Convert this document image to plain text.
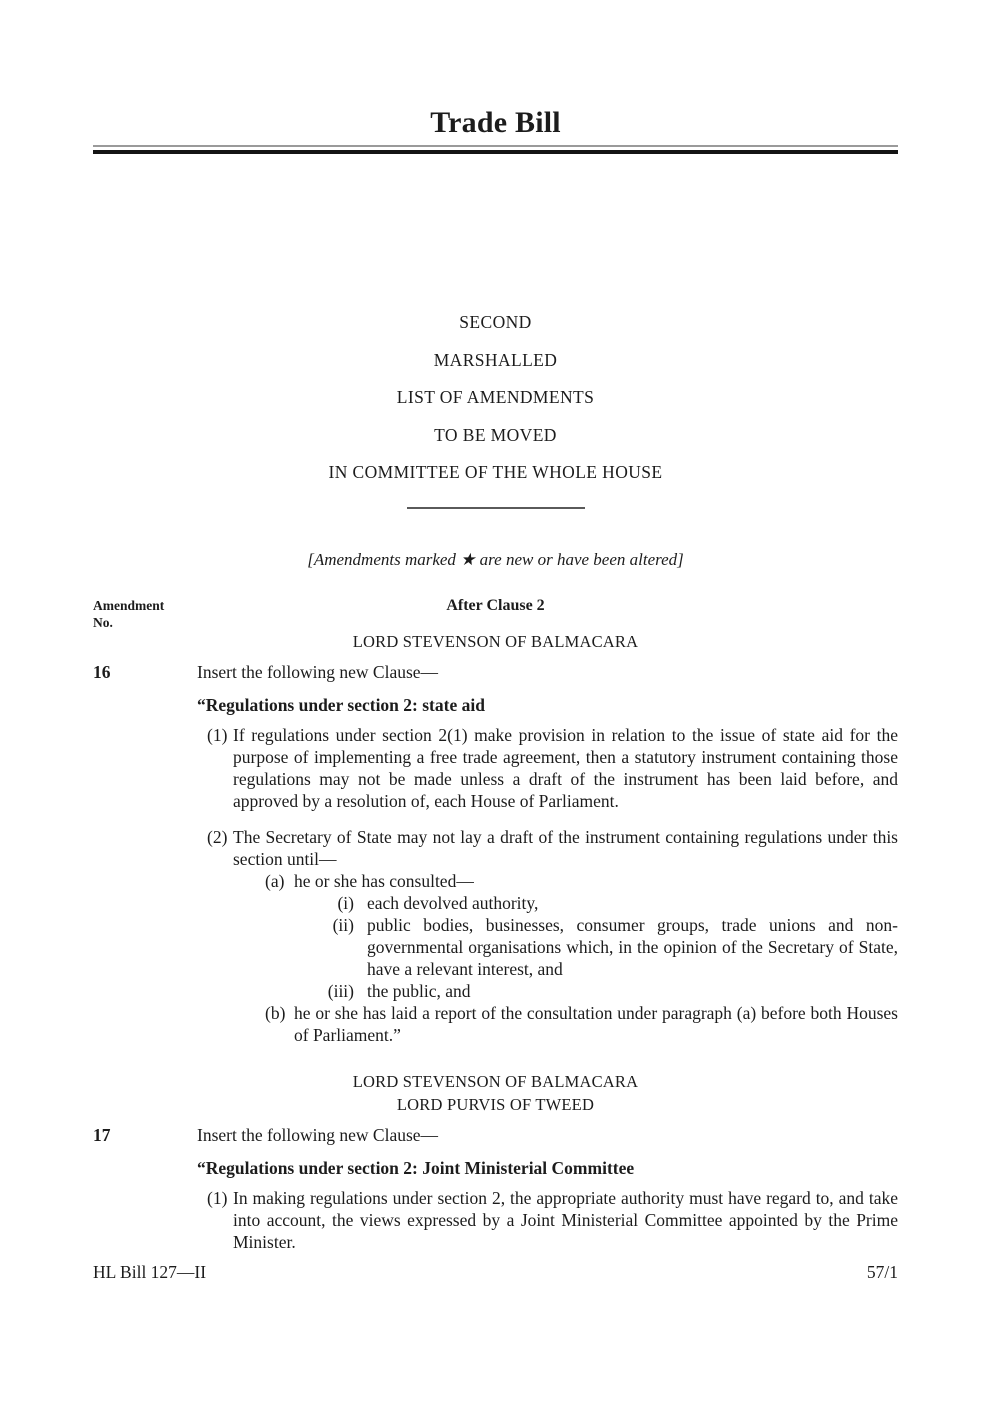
Trade Bill
SECOND
MARSHALLED
LIST OF AMENDMENTS
TO BE MOVED
IN COMMITTEE OF THE WHOLE HOUSE

[Amendments marked ★ are new or have been altered]

Amendment
No.
After Clause 2
LORD STEVENSON OF BALMACARA
16	Insert the following new Clause—

“Regulations under section 2: state aid

(1) If regulations under section 2(1) make provision in relation to the issue of state aid for the purpose of implementing a free trade agreement, then a statutory instrument containing those regulations may not be made unless a draft of the instrument has been laid before, and approved by a resolution of, each House of Parliament.
(2) The Secretary of State may not lay a draft of the instrument containing regulations under this section until—
(a) he or she has consulted—
(i) each devolved authority,
(ii) public bodies, businesses, consumer groups, trade unions and non-governmental organisations which, in the opinion of the Secretary of State, have a relevant interest, and
(iii) the public, and
(b) he or she has laid a report of the consultation under paragraph (a) before both Houses of Parliament.”
LORD STEVENSON OF BALMACARA
LORD PURVIS OF TWEED
17	Insert the following new Clause—

“Regulations under section 2: Joint Ministerial Committee

(1) In making regulations under section 2, the appropriate authority must have regard to, and take into account, the views expressed by a Joint Ministerial Committee appointed by the Prime Minister.
HL Bill 127—II	57/1
